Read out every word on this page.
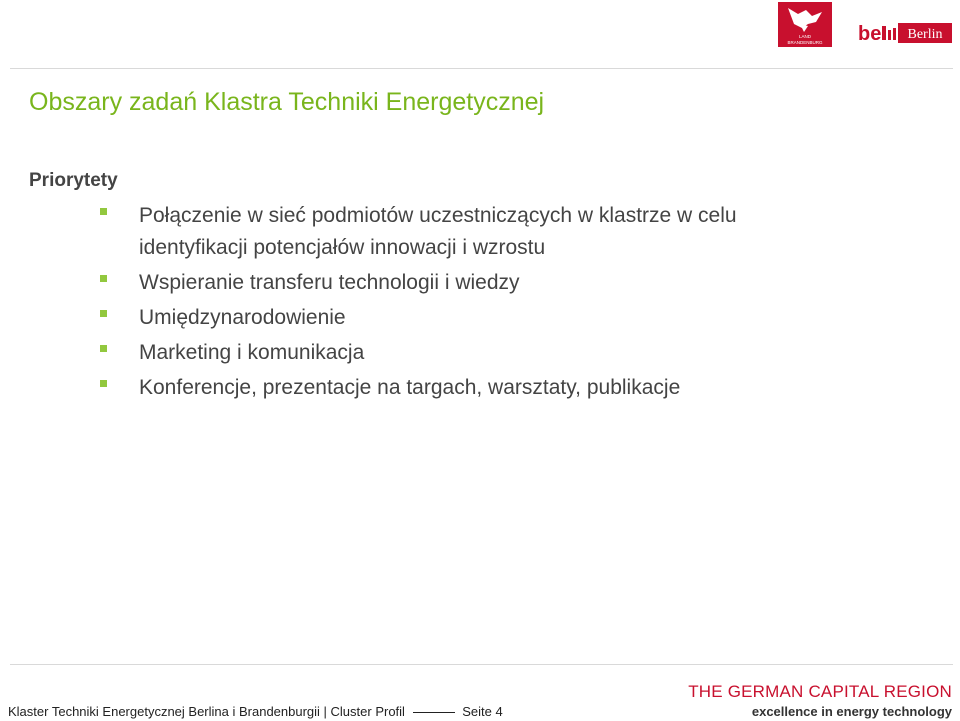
LAND
BRANDENBURG be Berlin
Obszary zadań Klastra Techniki Energetycznej
Priorytety
Połączenie w sieć podmiotów uczestniczących w klastrze w celu identyfikacji potencjałów innowacji i wzrostu
Wspieranie transferu technologii i wiedzy
Umiędzynarodowienie
Marketing i komunikacja
Konferencje, prezentacje na targach, warsztaty, publikacje
Klaster Techniki Energetycznej Berlina i Brandenburgii | Cluster Profil	Seite 4
THE GERMAN CAPITAL REGION
excellence in energy technology
